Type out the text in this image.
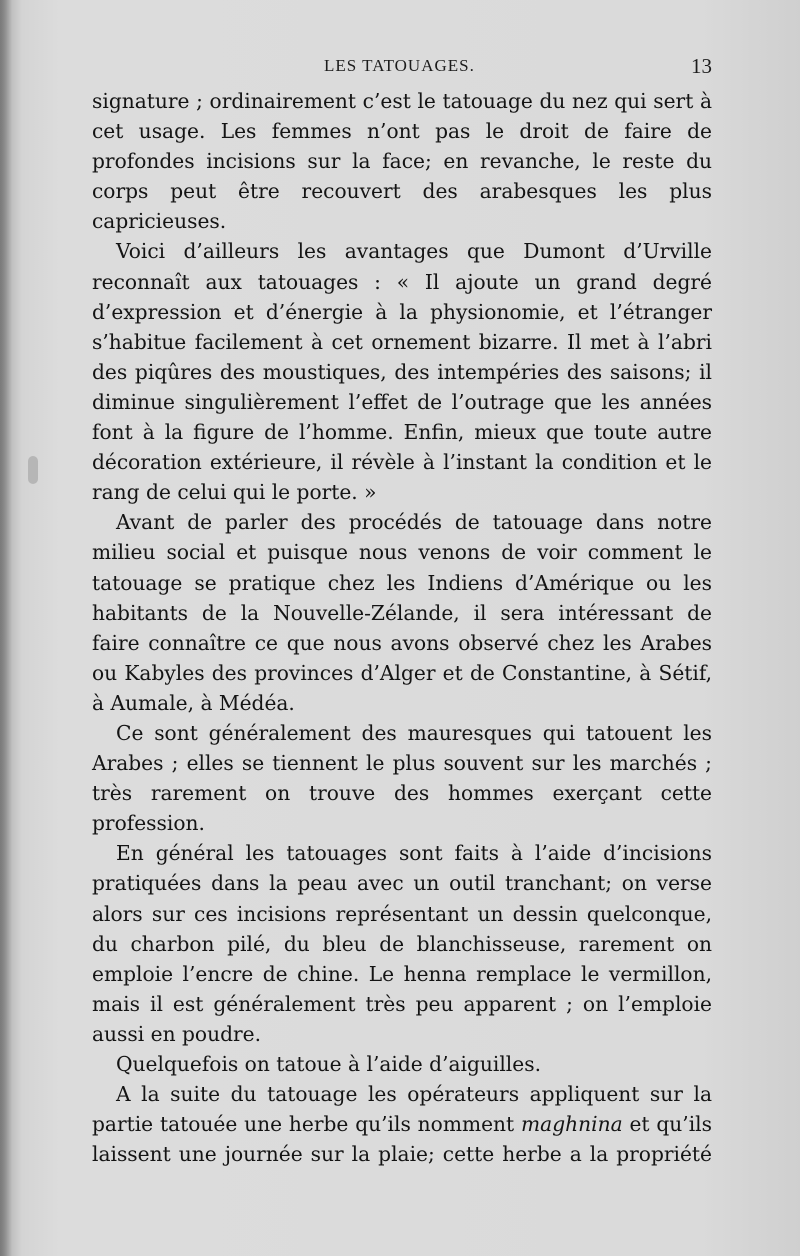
LES TATOUAGES.	13

signature ; ordinairement c’est le tatouage du nez qui sert à cet usage. Les femmes n’ont pas le droit de faire de profondes incisions sur la face; en revanche, le reste du corps peut être recouvert des arabesques les plus capricieuses.

Voici d’ailleurs les avantages que Dumont d’Urville reconnaît aux tatouages : « Il ajoute un grand degré d’expression et d’énergie à la physionomie, et l’étranger s’habitue facilement à cet ornement bizarre. Il met à l’abri des piqûres des moustiques, des intempéries des saisons; il diminue singulièrement l’effet de l’outrage que les années font à la figure de l’homme. Enfin, mieux que toute autre décoration extérieure, il révèle à l’instant la condition et le rang de celui qui le porte. »

Avant de parler des procédés de tatouage dans notre milieu social et puisque nous venons de voir comment le tatouage se pratique chez les Indiens d’Amérique ou les habitants de la Nouvelle-Zélande, il sera intéressant de faire connaître ce que nous avons observé chez les Arabes ou Kabyles des provinces d’Alger et de Constantine, à Sétif, à Aumale, à Médéa.

Ce sont généralement des mauresques qui tatouent les Arabes ; elles se tiennent le plus souvent sur les marchés ; très rarement on trouve des hommes exerçant cette profession.

En général les tatouages sont faits à l’aide d’incisions pratiquées dans la peau avec un outil tranchant; on verse alors sur ces incisions représentant un dessin quelconque, du charbon pilé, du bleu de blanchisseuse, rarement on emploie l’encre de chine. Le henna remplace le vermillon, mais il est généralement très peu apparent ; on l’emploie aussi en poudre.

Quelquefois on tatoue à l’aide d’aiguilles.

A la suite du tatouage les opérateurs appliquent sur la partie tatouée une herbe qu’ils nomment maghnina et qu’ils laissent une journée sur la plaie; cette herbe a la propriété
